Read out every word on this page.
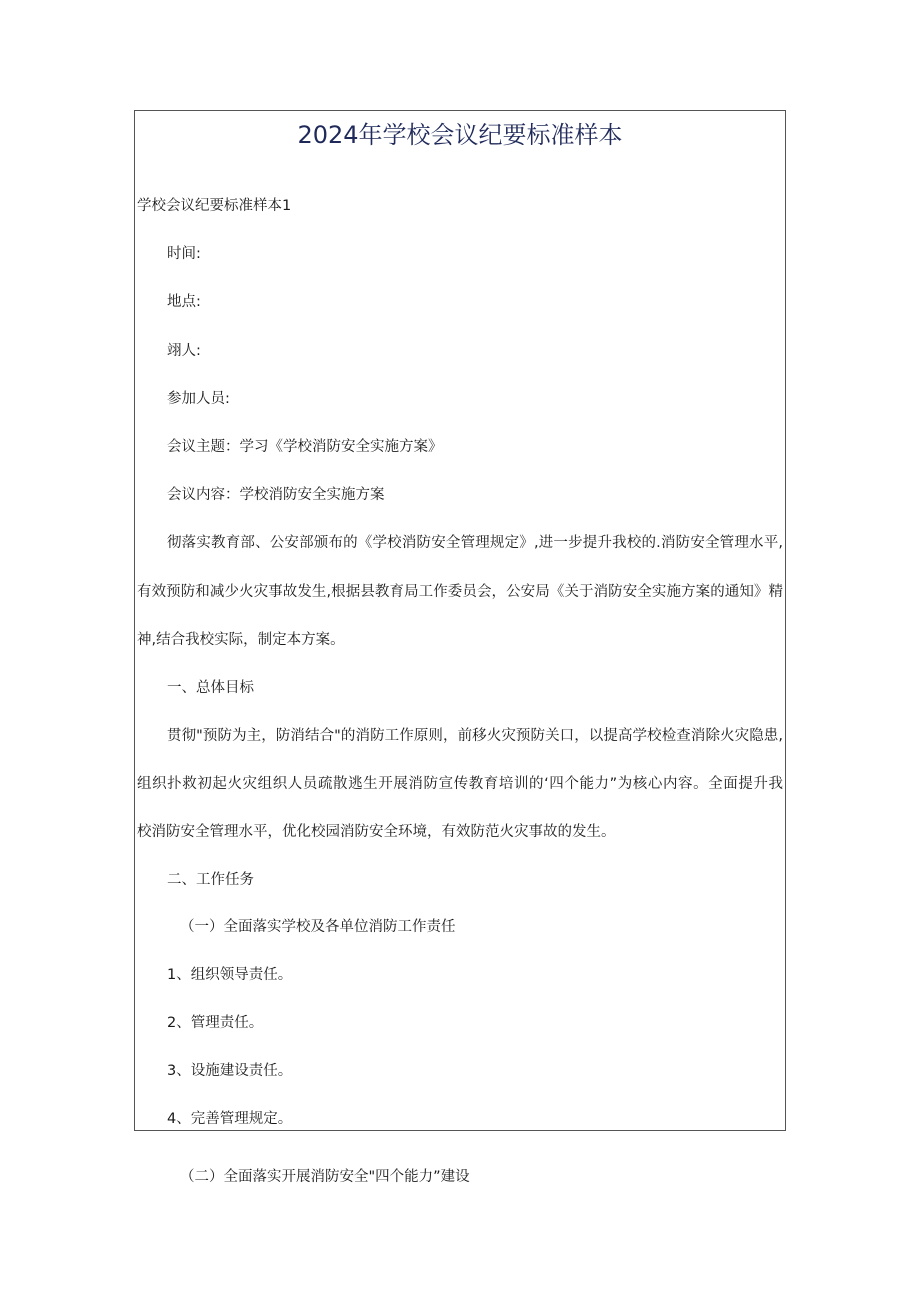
2024年学校会议纪要标准样本
学校会议纪要标准样本1
时间:
地点:
翊人:
参加人员:
会议主题：学习《学校消防安全实施方案》
会议内容：学校消防安全实施方案
彻落实教育部、公安部颁布的《学校消防安全管理规定》,进一步提升我校的.消防安全管理水平,
有效预防和减少火灾事故发生,根据县教育局工作委员会，公安局《关于消防安全实施方案的通知》精
神,结合我校实际，制定本方案。
一、总体目标
贯彻"预防为主，防消结合"的消防工作原则，前移火灾预防关口，以提高学校检查消除火灾隐患,
组织扑救初起火灾组织人员疏散逃生开展消防宣传教育培训的‘四个能力”为核心内容。全面提升我
校消防安全管理水平，优化校园消防安全环境，有效防范火灾事故的发生。
二、工作任务
（一）全面落实学校及各单位消防工作责任
1、组织领导责任。
2、管理责任。
3、设施建设责任。
4、完善管理规定。
（二）全面落实开展消防安全"四个能力”建设
